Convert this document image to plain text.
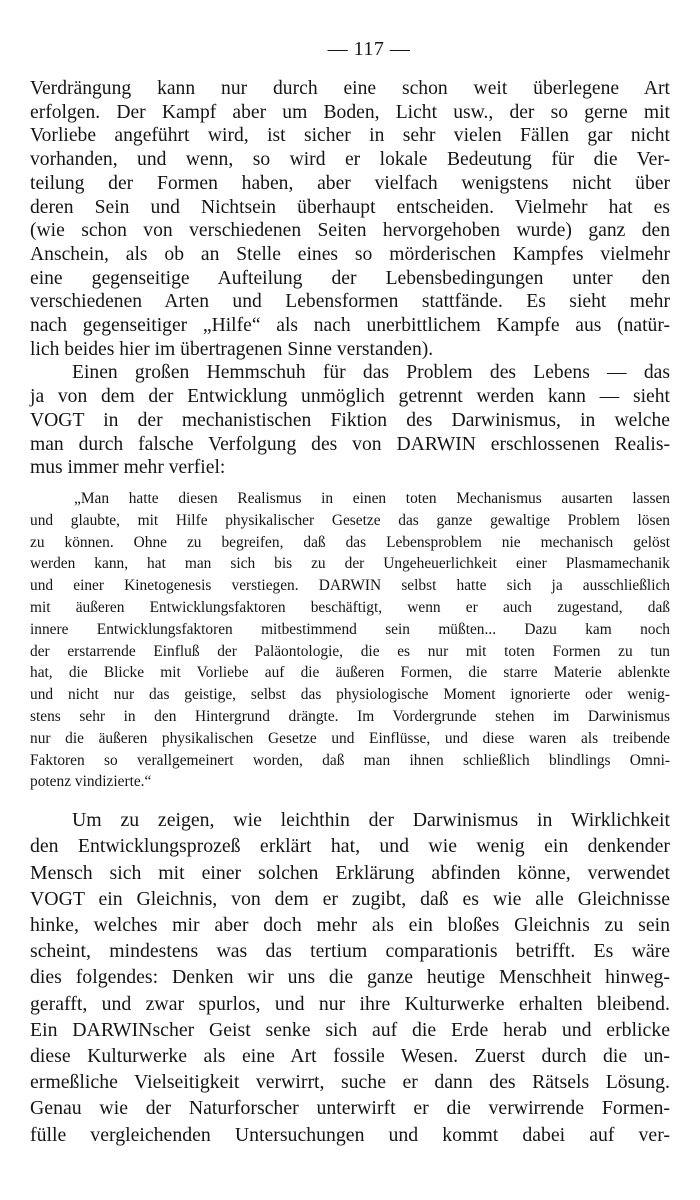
— 117 —

Verdrängung kann nur durch eine schon weit überlegene Art
erfolgen. Der Kampf aber um Boden, Licht usw., der so gerne mit
Vorliebe angeführt wird, ist sicher in sehr vielen Fällen gar nicht
vorhanden, und wenn, so wird er lokale Bedeutung für die Ver-
teilung der Formen haben, aber vielfach wenigstens nicht über
deren Sein und Nichtsein überhaupt entscheiden. Vielmehr hat es
(wie schon von verschiedenen Seiten hervorgehoben wurde) ganz den
Anschein, als ob an Stelle eines so mörderischen Kampfes vielmehr
eine gegenseitige Aufteilung der Lebensbedingungen unter den
verschiedenen Arten und Lebensformen stattfände. Es sieht mehr
nach gegenseitiger „Hilfe“ als nach unerbittlichem Kampfe aus (natür-
lich beides hier im übertragenen Sinne verstanden).

Einen großen Hemmschuh für das Problem des Lebens — das
ja von dem der Entwicklung unmöglich getrennt werden kann — sieht
VOGT in der mechanistischen Fiktion des Darwinismus, in welche
man durch falsche Verfolgung des von DARWIN erschlossenen Realis-
mus immer mehr verfiel:

„Man hatte diesen Realismus in einen toten Mechanismus ausarten lassen
und glaubte, mit Hilfe physikalischer Gesetze das ganze gewaltige Problem lösen
zu können. Ohne zu begreifen, daß das Lebensproblem nie mechanisch gelöst
werden kann, hat man sich bis zu der Ungeheuerlichkeit einer Plasmamechanik
und einer Kinetogenesis verstiegen. DARWIN selbst hatte sich ja ausschließlich
mit äußeren Entwicklungsfaktoren beschäftigt, wenn er auch zugestand, daß
innere Entwicklungsfaktoren mitbestimmend sein müßten... Dazu kam noch
der erstarrende Einfluß der Paläontologie, die es nur mit toten Formen zu tun
hat, die Blicke mit Vorliebe auf die äußeren Formen, die starre Materie ablenkte
und nicht nur das geistige, selbst das physiologische Moment ignorierte oder wenig-
stens sehr in den Hintergrund drängte. Im Vordergrunde stehen im Darwinismus
nur die äußeren physikalischen Gesetze und Einflüsse, und diese waren als treibende
Faktoren so verallgemeinert worden, daß man ihnen schließlich blindlings Omni-
potenz vindizierte.“

Um zu zeigen, wie leichthin der Darwinismus in Wirklichkeit
den Entwicklungsprozeß erklärt hat, und wie wenig ein denkender
Mensch sich mit einer solchen Erklärung abfinden könne, verwendet
VOGT ein Gleichnis, von dem er zugibt, daß es wie alle Gleichnisse
hinke, welches mir aber doch mehr als ein bloßes Gleichnis zu sein
scheint, mindestens was das tertium comparationis betrifft. Es wäre
dies folgendes: Denken wir uns die ganze heutige Menschheit hinweg-
gerafft, und zwar spurlos, und nur ihre Kulturwerke erhalten bleibend.
Ein DARWINscher Geist senke sich auf die Erde herab und erblicke
diese Kulturwerke als eine Art fossile Wesen. Zuerst durch die un-
ermeßliche Vielseitigkeit verwirrt, suche er dann des Rätsels Lösung.
Genau wie der Naturforscher unterwirft er die verwirrende Formen-
fülle vergleichenden Untersuchungen und kommt dabei auf ver-
